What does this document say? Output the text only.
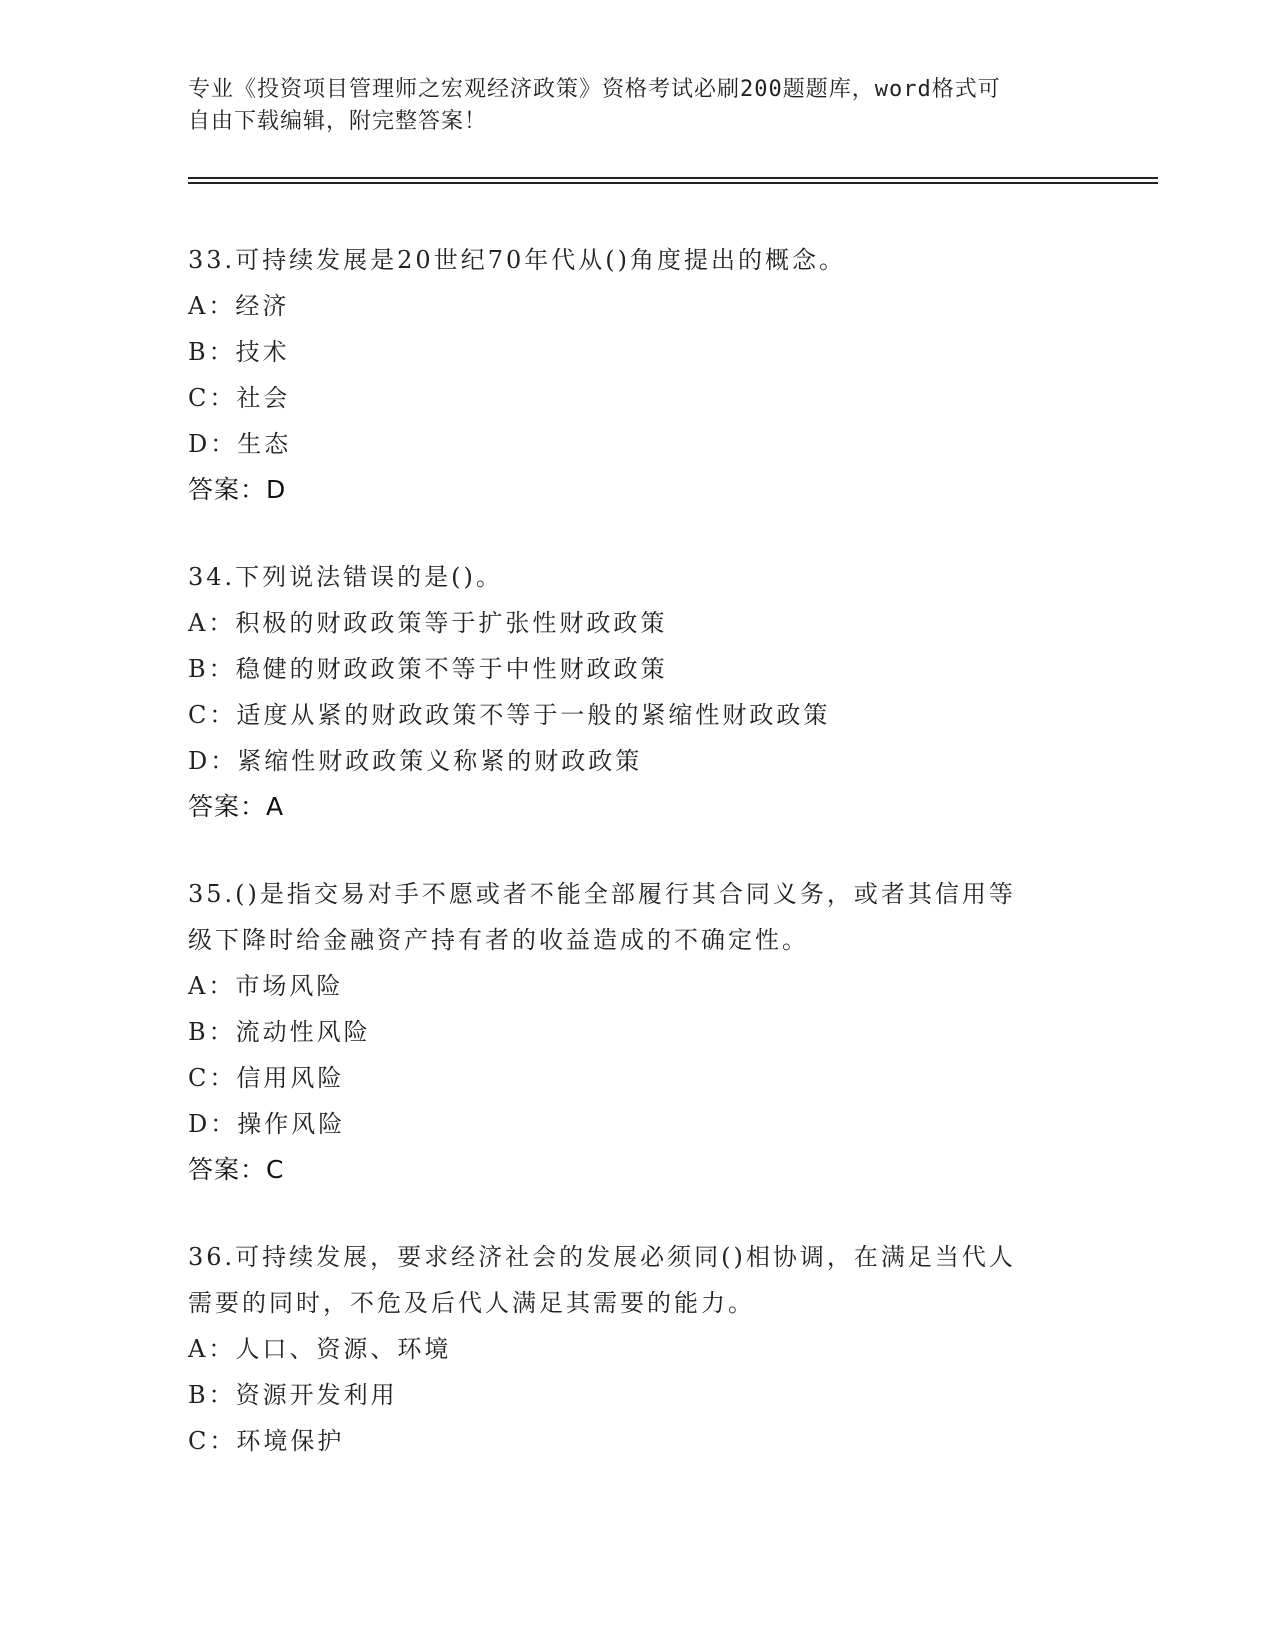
专业《投资项目管理师之宏观经济政策》资格考试必刷200题题库，word格式可
自由下载编辑，附完整答案！
33.可持续发展是20世纪70年代从()角度提出的概念。
A：经济
B：技术
C：社会
D：生态
答案：D
34.下列说法错误的是()。
A：积极的财政政策等于扩张性财政政策
B：稳健的财政政策不等于中性财政政策
C：适度从紧的财政政策不等于一般的紧缩性财政政策
D：紧缩性财政政策义称紧的财政政策
答案：A
35.()是指交易对手不愿或者不能全部履行其合同义务，或者其信用等
级下降时给金融资产持有者的收益造成的不确定性。
A：市场风险
B：流动性风险
C：信用风险
D：操作风险
答案：C
36.可持续发展，要求经济社会的发展必须同()相协调，在满足当代人
需要的同时，不危及后代人满足其需要的能力。
A：人口、资源、环境
B：资源开发利用
C：环境保护
